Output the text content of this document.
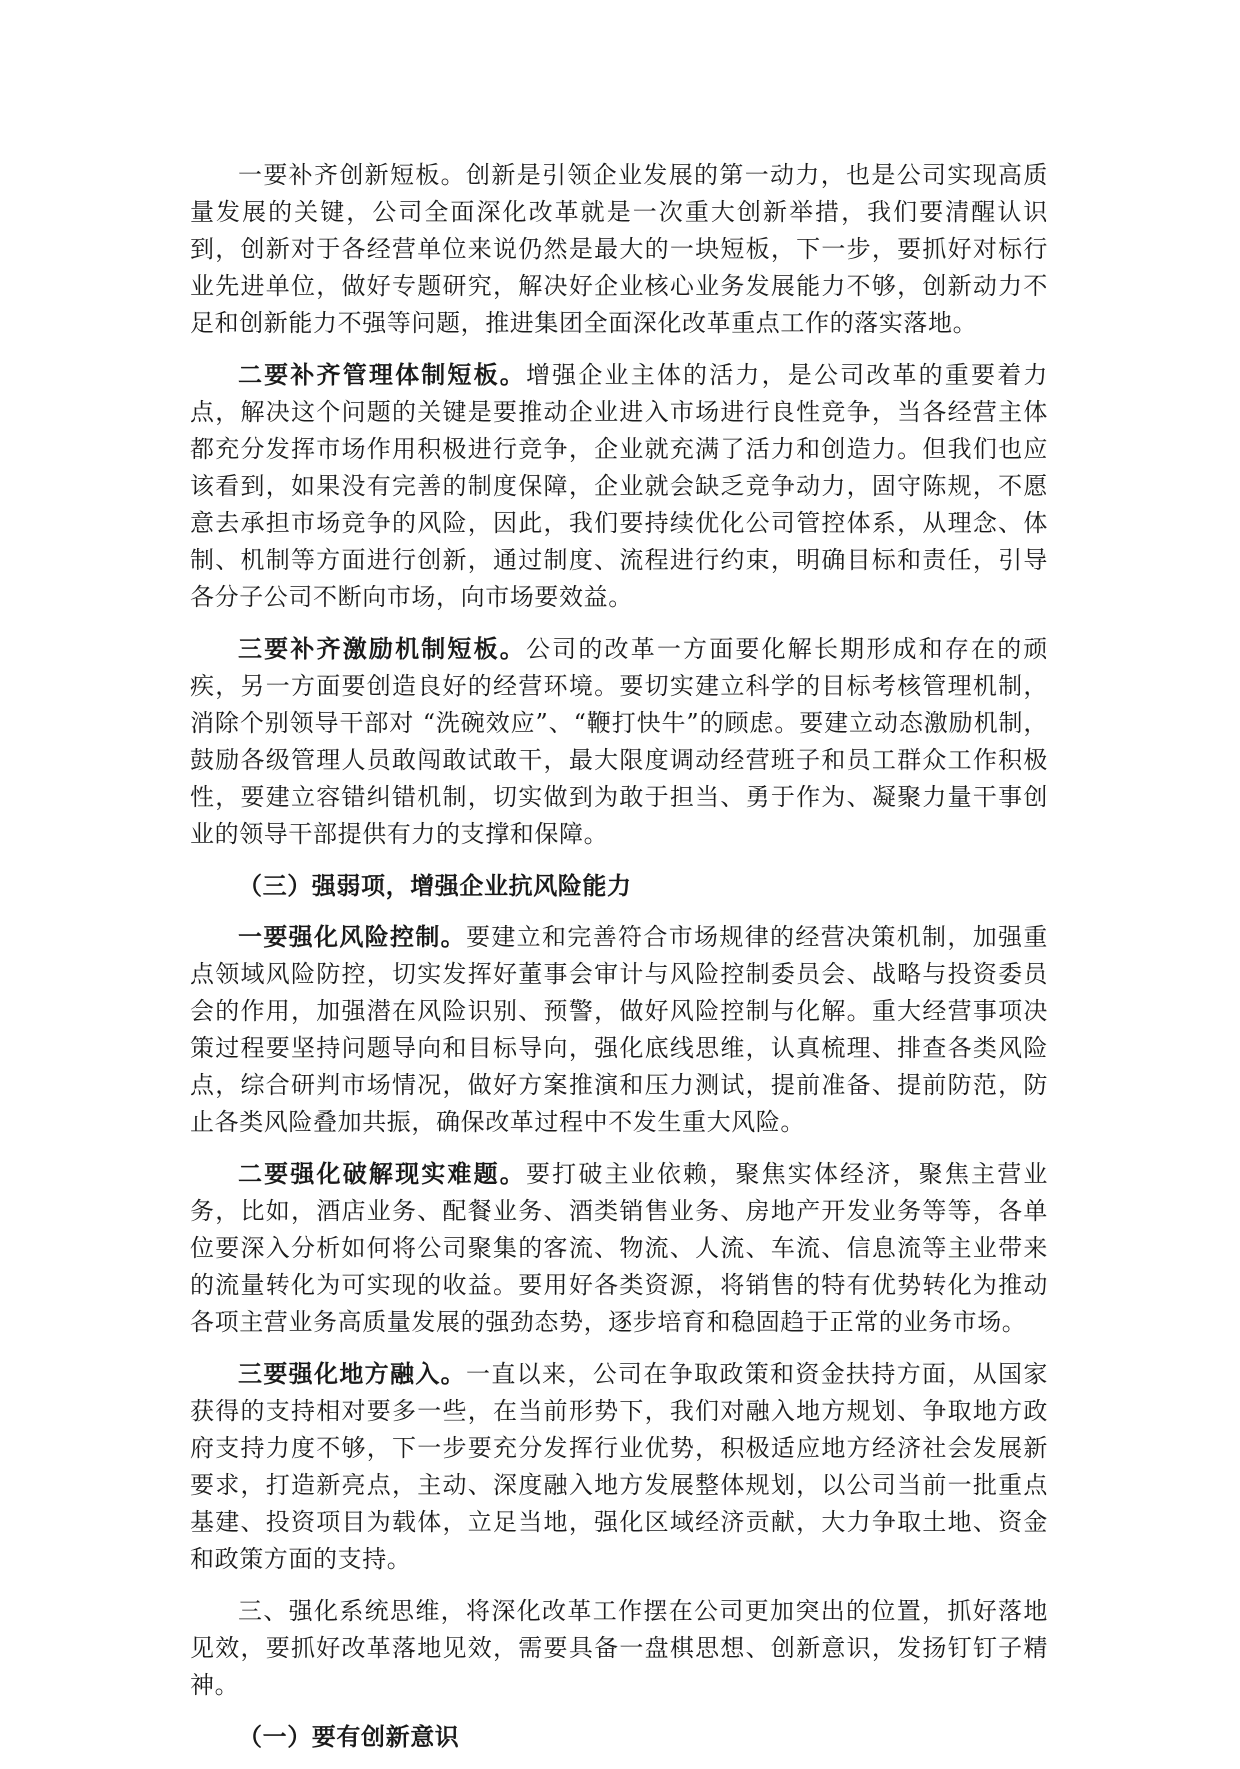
一要补齐创新短板。创新是引领企业发展的第一动力，也是公司实现高质量发展的关键，公司全面深化改革就是一次重大创新举措，我们要清醒认识到，创新对于各经营单位来说仍然是最大的一块短板，下一步，要抓好对标行业先进单位，做好专题研究，解决好企业核心业务发展能力不够，创新动力不足和创新能力不强等问题，推进集团全面深化改革重点工作的落实落地。

二要补齐管理体制短板。增强企业主体的活力，是公司改革的重要着力点，解决这个问题的关键是要推动企业进入市场进行良性竞争，当各经营主体都充分发挥市场作用积极进行竞争，企业就充满了活力和创造力。但我们也应该看到，如果没有完善的制度保障，企业就会缺乏竞争动力，固守陈规，不愿意去承担市场竞争的风险，因此，我们要持续优化公司管控体系，从理念、体制、机制等方面进行创新，通过制度、流程进行约束，明确目标和责任，引导各分子公司不断向市场，向市场要效益。

三要补齐激励机制短板。公司的改革一方面要化解长期形成和存在的顽疾，另一方面要创造良好的经营环境。要切实建立科学的目标考核管理机制，消除个别领导干部对 “洗碗效应”、“鞭打快牛”的顾虑。要建立动态激励机制，鼓励各级管理人员敢闯敢试敢干，最大限度调动经营班子和员工群众工作积极性，要建立容错纠错机制，切实做到为敢于担当、勇于作为、凝聚力量干事创业的领导干部提供有力的支撑和保障。

（三）强弱项，增强企业抗风险能力

一要强化风险控制。要建立和完善符合市场规律的经营决策机制，加强重点领域风险防控，切实发挥好董事会审计与风险控制委员会、战略与投资委员会的作用，加强潜在风险识别、预警，做好风险控制与化解。重大经营事项决策过程要坚持问题导向和目标导向，强化底线思维，认真梳理、排查各类风险点，综合研判市场情况，做好方案推演和压力测试，提前准备、提前防范，防止各类风险叠加共振，确保改革过程中不发生重大风险。

二要强化破解现实难题。要打破主业依赖，聚焦实体经济，聚焦主营业务，比如，酒店业务、配餐业务、酒类销售业务、房地产开发业务等等，各单位要深入分析如何将公司聚集的客流、物流、人流、车流、信息流等主业带来的流量转化为可实现的收益。要用好各类资源，将销售的特有优势转化为推动各项主营业务高质量发展的强劲态势，逐步培育和稳固趋于正常的业务市场。

三要强化地方融入。一直以来，公司在争取政策和资金扶持方面，从国家获得的支持相对要多一些，在当前形势下，我们对融入地方规划、争取地方政府支持力度不够，下一步要充分发挥行业优势，积极适应地方经济社会发展新要求，打造新亮点，主动、深度融入地方发展整体规划，以公司当前一批重点基建、投资项目为载体，立足当地，强化区域经济贡献，大力争取土地、资金和政策方面的支持。

三、强化系统思维，将深化改革工作摆在公司更加突出的位置，抓好落地见效，要抓好改革落地见效，需要具备一盘棋思想、创新意识，发扬钉钉子精神。

（一）要有创新意识
